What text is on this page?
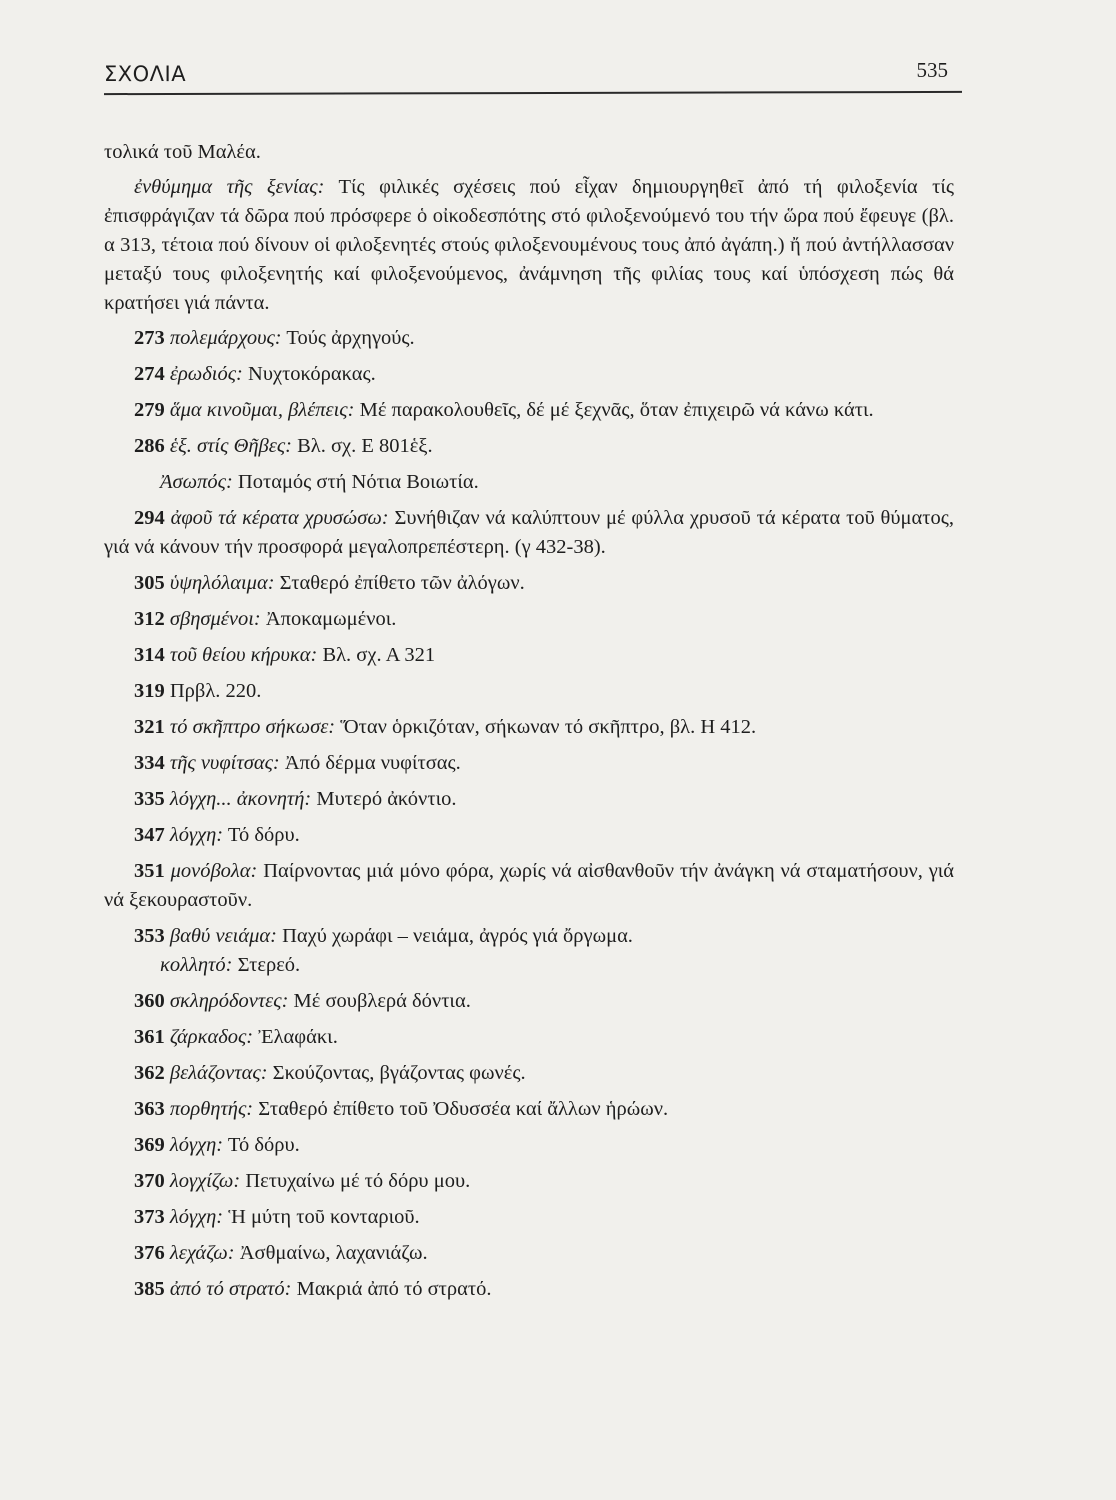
ΣΧΟΛΙΑ	535

τολικά τοῦ Μαλέα.

ἐνθύμημα τῆς ξενίας: Τίς φιλικές σχέσεις πού εἶχαν δημιουργηθεῖ ἀπό τή φιλοξενία τίς ἐπισφράγιζαν τά δῶρα πού πρόσφερε ὁ οἰκοδεσπότης στό φιλοξενούμενό του τήν ὥρα πού ἔφευγε (βλ. α 313, τέτοια πού δίνουν οἱ φιλοξενητές στούς φιλοξενουμένους τους ἀπό ἀγάπη.) ἤ πού ἀντήλλασσαν μεταξύ τους φιλοξενητής καί φιλοξενούμενος, ἀνάμνηση τῆς φιλίας τους καί ὑπόσχεση πώς θά κρατήσει γιά πάντα.

273 πολεμάρχους: Τούς ἀρχηγούς.

274 ἐρωδιός: Νυχτοκόρακας.

279 ἅμα κινοῦμαι, βλέπεις: Μέ παρακολουθεῖς, δέ μέ ξεχνᾶς, ὅταν ἐπιχειρῶ νά κάνω κάτι.

286 ἑξ. στίς Θῆβες: Βλ. σχ. Ε 801ἑξ.

Ἀσωπός: Ποταμός στή Νότια Βοιωτία.

294 ἀφοῦ τά κέρατα χρυσώσω: Συνήθιζαν νά καλύπτουν μέ φύλλα χρυσοῦ τά κέρατα τοῦ θύματος, γιά νά κάνουν τήν προσφορά μεγαλοπρεπέστερη. (γ 432-38).

305 ὑψηλόλαιμα: Σταθερό ἐπίθετο τῶν ἀλόγων.

312 σβησμένοι: Ἀποκαμωμένοι.

314 τοῦ θείου κήρυκα: Βλ. σχ. Α 321

319 Πρβλ. 220.

321 τό σκῆπτρο σήκωσε: Ὅταν ὁρκιζόταν, σήκωναν τό σκῆπτρο, βλ. Η 412.

334 τῆς νυφίτσας: Ἀπό δέρμα νυφίτσας.

335 λόγχη... ἀκονητή: Μυτερό ἀκόντιο.

347 λόγχη: Τό δόρυ.

351 μονόβολα: Παίρνοντας μιά μόνο φόρα, χωρίς νά αἰσθανθοῦν τήν ἀνάγκη νά σταματήσουν, γιά νά ξεκουραστοῦν.

353 βαθύ νειάμα: Παχύ χωράφι – νειάμα, ἀγρός γιά ὄργωμα.

κολλητό: Στερεό.

360 σκληρόδοντες: Μέ σουβλερά δόντια.

361 ζάρκαδος: Ἐλαφάκι.

362 βελάζοντας: Σκούζοντας, βγάζοντας φωνές.

363 πορθητής: Σταθερό ἐπίθετο τοῦ Ὀδυσσέα καί ἄλλων ἡρώων.

369 λόγχη: Τό δόρυ.

370 λογχίζω: Πετυχαίνω μέ τό δόρυ μου.

373 λόγχη: Ἡ μύτη τοῦ κονταριοῦ.

376 λεχάζω: Ἀσθμαίνω, λαχανιάζω.

385 ἀπό τό στρατό: Μακριά ἀπό τό στρατό.
